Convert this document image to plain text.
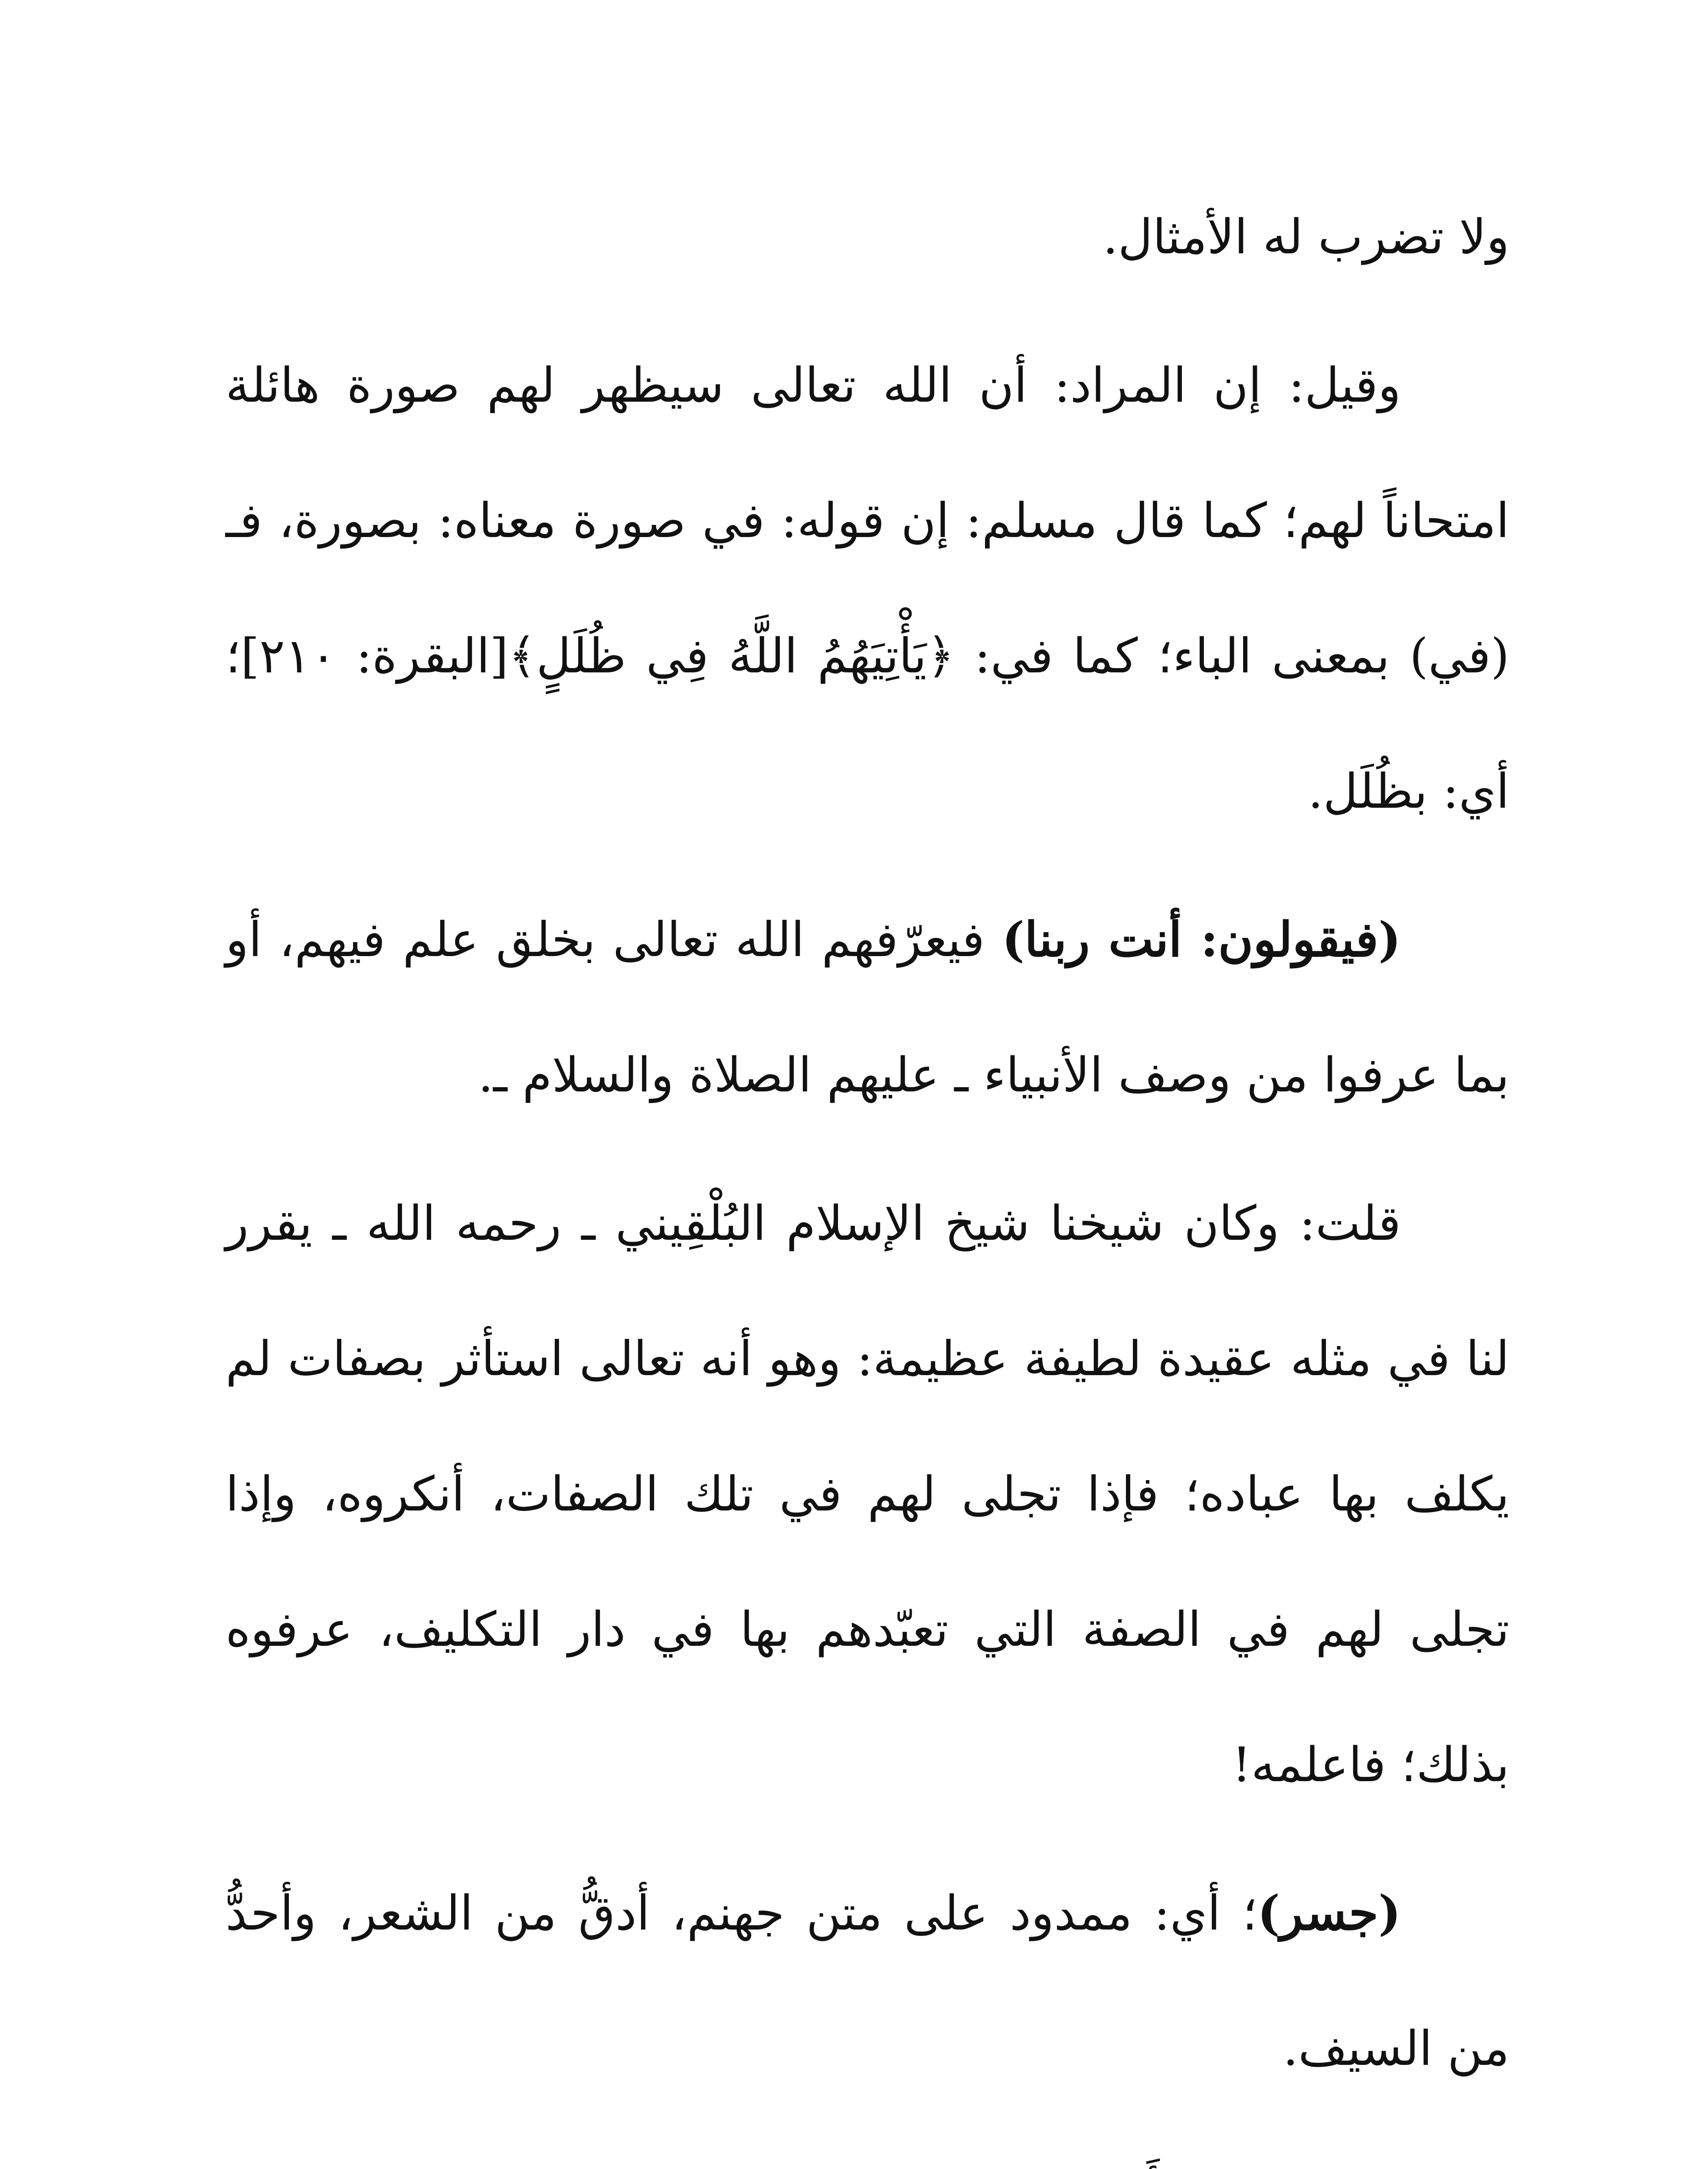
ولا تضرب له الأمثال.

وقيل: إن المراد: أن الله تعالى سيظهر لهم صورة هائلة امتحاناً لهم؛ كما قال مسلم: إن قوله: في صورة معناه: بصورة، فـ (في) بمعنى الباء؛ كما في: ﴿يَأْتِيَهُمُ اللَّهُ فِي ظُلَلٍ﴾[البقرة: ٢١٠]؛ أي: بظُلَل.

(فيقولون: أنت ربنا) فيعرّفهم الله تعالى بخلق علم فيهم، أو بما عرفوا من وصف الأنبياء ـ عليهم الصلاة والسلام ـ.

قلت: وكان شيخنا شيخ الإسلام البُلْقِيني ـ رحمه الله ـ يقرر لنا في مثله عقيدة لطيفة عظيمة: وهو أنه تعالى استأثر بصفات لم يكلف بها عباده؛ فإذا تجلى لهم في تلك الصفات، أنكروه، وإذا تجلى لهم في الصفة التي تعبّدهم بها في دار التكليف، عرفوه بذلك؛ فاعلمه!

(جسر)؛ أي: ممدود على متن جهنم، أدقُّ من الشعر، وأحدُّ من السيف.
